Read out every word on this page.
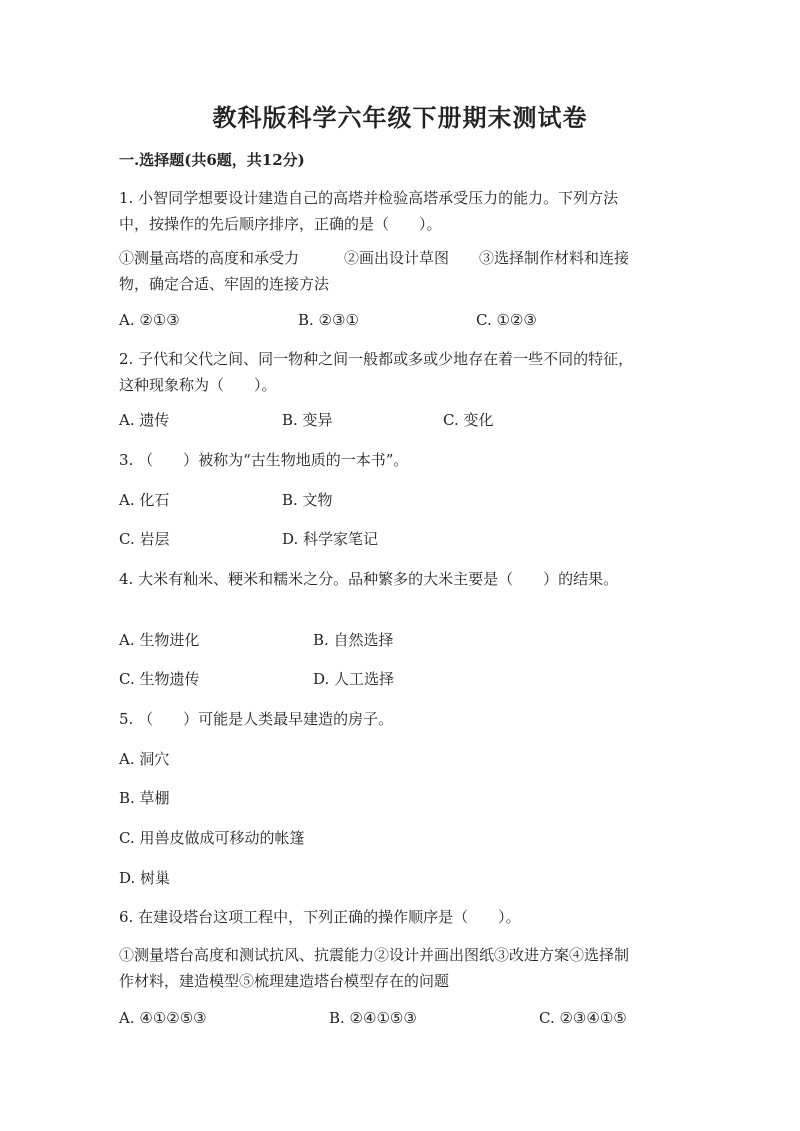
教科版科学六年级下册期末测试卷
一.选择题(共6题，共12分)
1. 小智同学想要设计建造自己的高塔并检验高塔承受压力的能力。下列方法
中，按操作的先后顺序排序，正确的是（　　）。
①测量高塔的高度和承受力　　　②画出设计草图　　③选择制作材料和连接
物，确定合适、牢固的连接方法
A. ②①③	B. ②③①	C. ①②③
2. 子代和父代之间、同一物种之间一般都或多或少地存在着一些不同的特征，
这种现象称为（　　）。
A. 遗传	B. 变异	C. 变化
3. （　　）被称为“古生物地质的一本书”。
A. 化石	B. 文物
C. 岩层	D. 科学家笔记
4. 大米有籼米、粳米和糯米之分。品种繁多的大米主要是（　　）的结果。
A. 生物进化	B. 自然选择
C. 生物遗传	D. 人工选择
5. （　　）可能是人类最早建造的房子。
A. 洞穴
B. 草棚
C. 用兽皮做成可移动的帐篷
D. 树巢
6. 在建设塔台这项工程中，下列正确的操作顺序是（　　）。
①测量塔台高度和测试抗风、抗震能力②设计并画出图纸③改进方案④选择制
作材料，建造模型⑤梳理建造塔台模型存在的问题
A. ④①②⑤③	B. ②④①⑤③	C. ②③④①⑤
